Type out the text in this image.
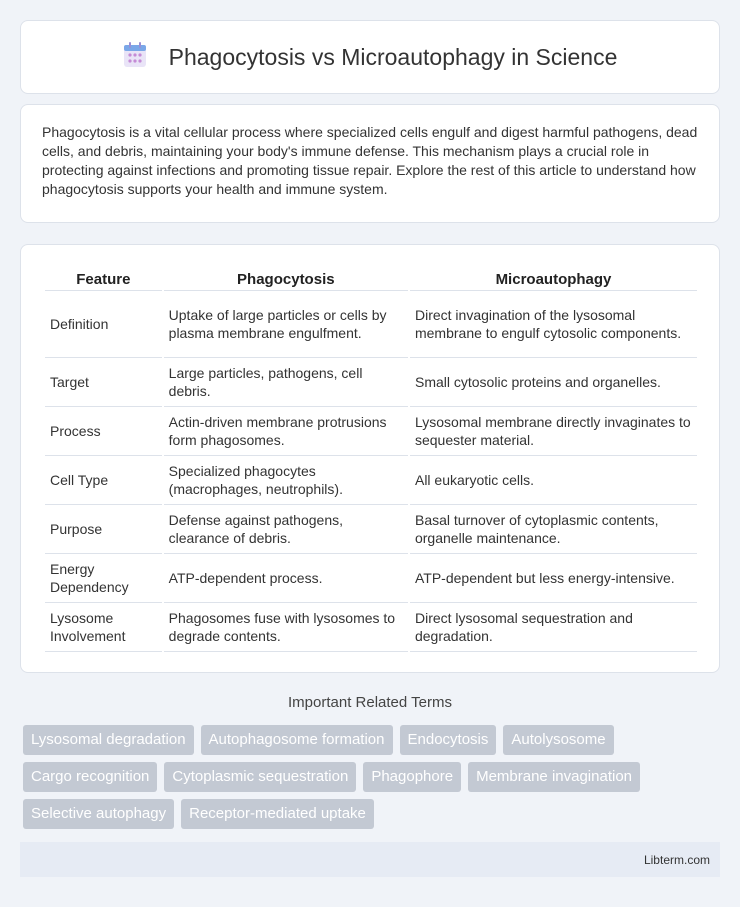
Phagocytosis vs Microautophagy in Science

Phagocytosis is a vital cellular process where specialized cells engulf and digest harmful pathogens, dead cells, and debris, maintaining your body's immune defense. This mechanism plays a crucial role in protecting against infections and promoting tissue repair. Explore the rest of this article to understand how phagocytosis supports your health and immune system.

Feature	Phagocytosis	Microautophagy
Definition	Uptake of large particles or cells by plasma membrane engulfment.	Direct invagination of the lysosomal membrane to engulf cytosolic components.
Target	Large particles, pathogens, cell debris.	Small cytosolic proteins and organelles.
Process	Actin-driven membrane protrusions form phagosomes.	Lysosomal membrane directly invaginates to sequester material.
Cell Type	Specialized phagocytes (macrophages, neutrophils).	All eukaryotic cells.
Purpose	Defense against pathogens, clearance of debris.	Basal turnover of cytoplasmic contents, organelle maintenance.
Energy Dependency	ATP-dependent process.	ATP-dependent but less energy-intensive.
Lysosome Involvement	Phagosomes fuse with lysosomes to degrade contents.	Direct lysosomal sequestration and degradation.
Important Related Terms
Lysosomal degradation	Autophagosome formation	Endocytosis	Autolysosome
Cargo recognition	Cytoplasmic sequestration	Phagophore	Membrane invagination
Selective autophagy	Receptor-mediated uptake
Libterm.com
